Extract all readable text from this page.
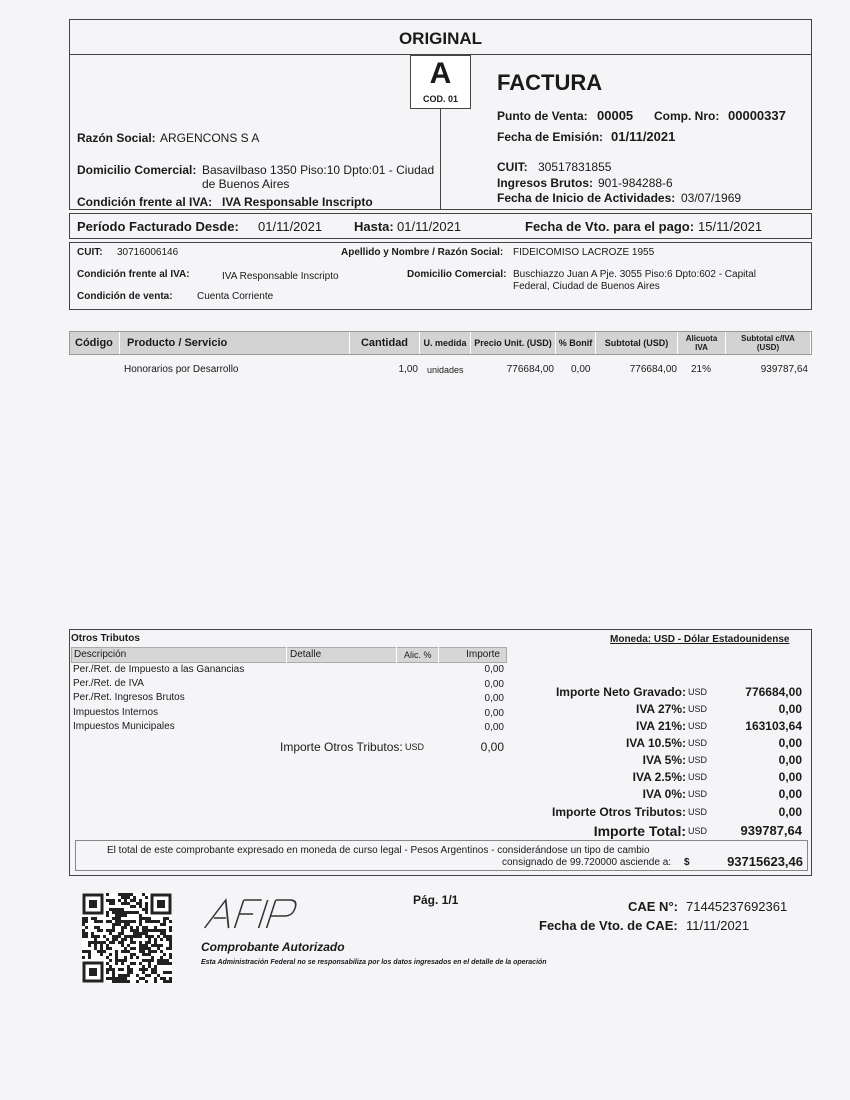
ORIGINAL
A
COD. 01
FACTURA
Punto de Venta: 00005 Comp. Nro: 00000337
Fecha de Emisión: 01/11/2021
CUIT: 30517831855
Ingresos Brutos: 901-984288-6
Fecha de Inicio de Actividades: 03/07/1969
Razón Social: ARGENCONS S A
Domicilio Comercial: Basavilbaso 1350 Piso:10 Dpto:01 - Ciudad
de Buenos Aires
Condición frente al IVA: IVA Responsable Inscripto
Período Facturado Desde: 01/11/2021 Hasta: 01/11/2021	Fecha de Vto. para el pago: 15/11/2021
CUIT: 30716006146	Apellido y Nombre / Razón Social: FIDEICOMISO LACROZE 1955
Condición frente al IVA:	IVA Responsable Inscripto	Domicilio Comercial: Buschiazzo Juan A Pje. 3055 Piso:6 Dpto:602 - Capital
Federal, Ciudad de Buenos Aires
Condición de venta: Cuenta Corriente
Código	Producto / Servicio	Cantidad	U. medida Precio Unit. (USD) % Bonif	Subtotal (USD)	Alicuota
IVA
Subtotal c/IVA
(USD)
Honorarios por Desarrollo	1,00 unidades	776684,00 0,00	776684,00 21%	939787,64
Otros Tributos
Descripción	Detalle	Alic. %	Importe
Per./Ret. de Impuesto a las Ganancias	0,00
Per./Ret. de IVA	0,00
Per./Ret. Ingresos Brutos	0,00
Impuestos Internos	0,00
Impuestos Municipales	0,00
Importe Otros Tributos: USD	0,00
Moneda: USD - Dólar Estadounidense
Importe Neto Gravado: USD	776684,00
IVA 27%: USD	0,00
IVA 21%: USD	163103,64
IVA 10.5%: USD	0,00
IVA 5%: USD	0,00
IVA 2.5%: USD	0,00
IVA 0%: USD	0,00
Importe Otros Tributos: USD	0,00
Importe Total: USD	939787,64
El total de este comprobante expresado en moneda de curso legal - Pesos Argentinos - considerándose un tipo de cambio
consignado de 99.720000 asciende a: $	93715623,46
Pág. 1/1
Comprobante Autorizado
Esta Administración Federal no se responsabiliza por los datos ingresados en el detalle de la operación
CAE N°: 71445237692361
Fecha de Vto. de CAE: 11/11/2021
